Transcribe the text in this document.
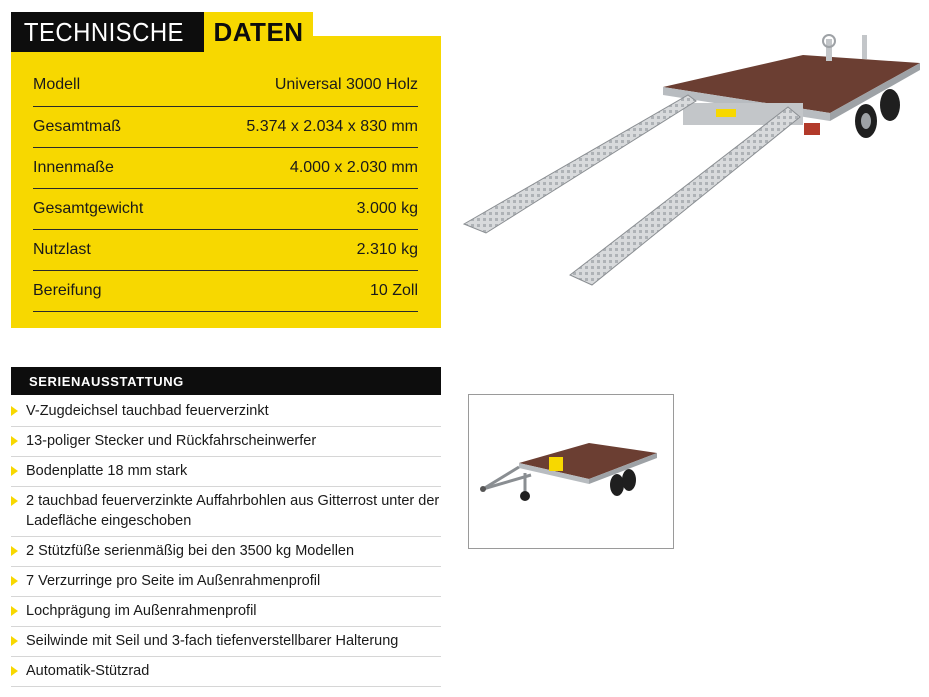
TECHNISCHE	DATEN
Modell	Universal 3000 Holz
Gesamtmaß	5.374 x 2.034 x 830 mm
Innenmaße	4.000 x 2.030 mm
Gesamtgewicht	3.000 kg
Nutzlast	2.310 kg
Bereifung	10 Zoll
SERIENAUSSTATTUNG
V-Zugdeichsel tauchbad feuerverzinkt
13-poliger Stecker und Rückfahrscheinwerfer
Bodenplatte 18 mm stark
2 tauchbad feuerverzinkte Auffahrbohlen aus Gitterrost unter der Ladefläche eingeschoben
2 Stützfüße serienmäßig bei den 3500 kg Modellen
7 Verzurringe pro Seite im Außenrahmenprofil
Lochprägung im Außenrahmenprofil
Seilwinde mit Seil und 3-fach tiefenverstellbarer Halterung
Automatik-Stützrad
